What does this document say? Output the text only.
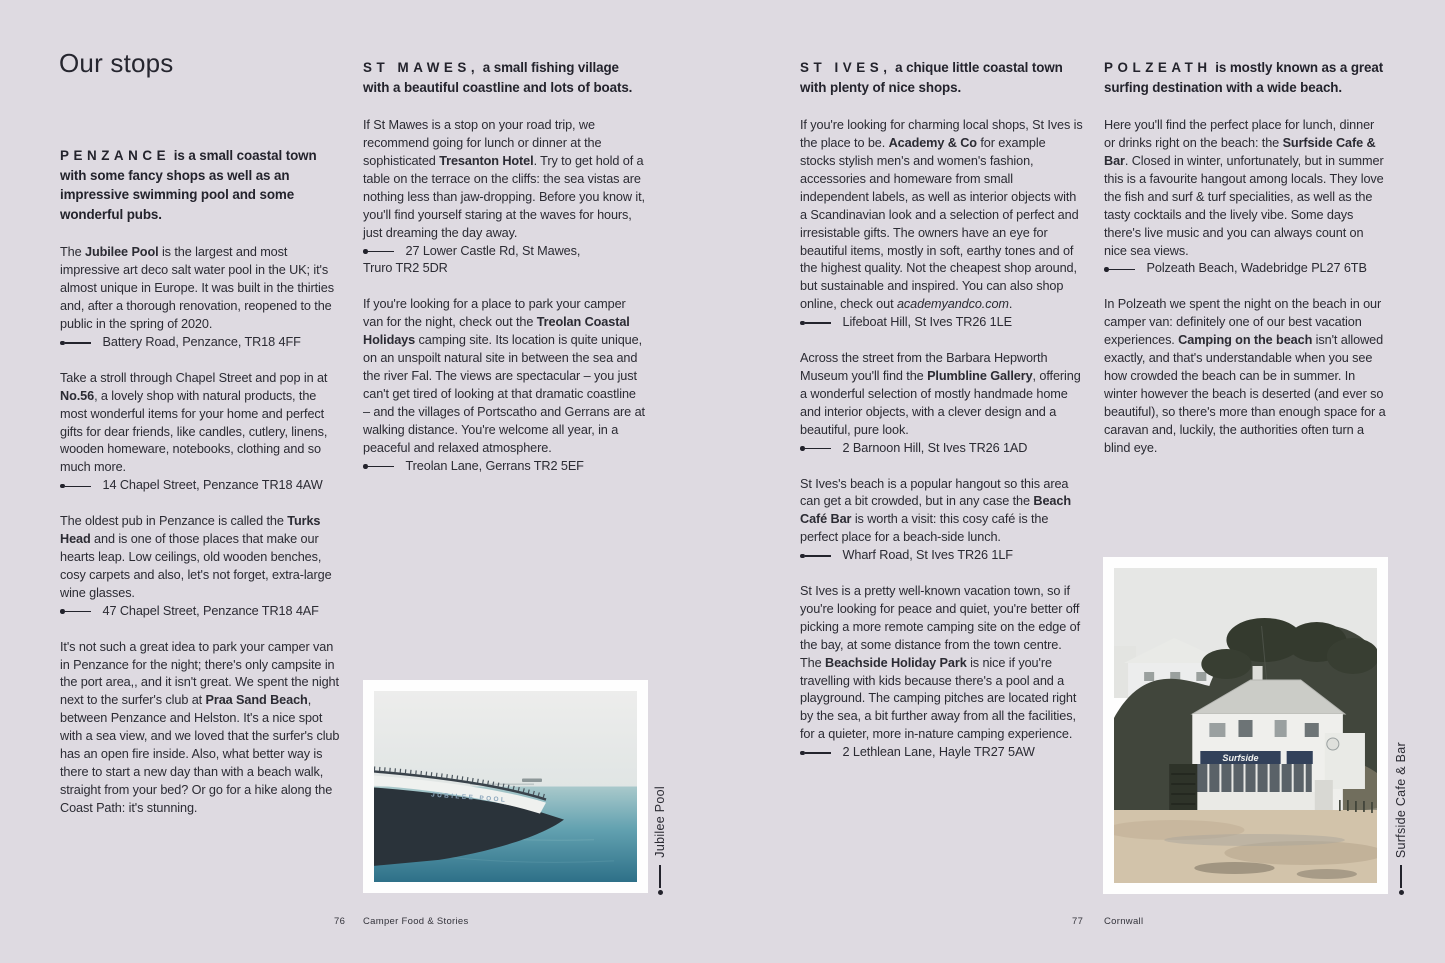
Our stops
PENZANCE is a small coastal town with some fancy shops as well as an impressive swimming pool and some wonderful pubs.

The Jubilee Pool is the largest and most impressive art deco salt water pool in the UK; it's almost unique in Europe. It was built in the thirties and, after a thorough renovation, reopened to the public in the spring of 2020.
Battery Road, Penzance, TR18 4FF

Take a stroll through Chapel Street and pop in at No.56, a lovely shop with natural products, the most wonderful items for your home and perfect gifts for dear friends, like candles, cutlery, linens, wooden homeware, notebooks, clothing and so much more.
14 Chapel Street, Penzance TR18 4AW

The oldest pub in Penzance is called the Turks Head and is one of those places that make our hearts leap. Low ceilings, old wooden benches, cosy carpets and also, let's not forget, extra-large wine glasses.
47 Chapel Street, Penzance TR18 4AF

It's not such a great idea to park your camper van in Penzance for the night; there's only campsite in the port area,, and it isn't great. We spent the night next to the surfer's club at Praa Sand Beach, between Penzance and Helston. It's a nice spot with a sea view, and we loved that the surfer's club has an open fire inside. Also, what better way is there to start a new day than with a beach walk, straight from your bed? Or go for a hike along the Coast Path: it's stunning.

ST MAWES, a small fishing village with a beautiful coastline and lots of boats.

If St Mawes is a stop on your road trip, we recommend going for lunch or dinner at the sophisticated Tresanton Hotel. Try to get hold of a table on the terrace on the cliffs: the sea vistas are nothing less than jaw-dropping. Before you know it, you'll find yourself staring at the waves for hours, just dreaming the day away.
27 Lower Castle Rd, St Mawes,
Truro TR2 5DR

If you're looking for a place to park your camper van for the night, check out the Treolan Coastal Holidays camping site. Its location is quite unique, on an unspoilt natural site in between the sea and the river Fal. The views are spectacular – you just can't get tired of looking at that dramatic coastline – and the villages of Portscatho and Gerrans are at walking distance. You're welcome all year, in a peaceful and relaxed atmosphere.
Treolan Lane, Gerrans TR2 5EF

ST IVES, a chique little coastal town with plenty of nice shops.

If you're looking for charming local shops, St Ives is the place to be. Academy & Co for example stocks stylish men's and women's fashion, accessories and homeware from small independent labels, as well as interior objects with a Scandinavian look and a selection of perfect and irresistable gifts. The owners have an eye for beautiful items, mostly in soft, earthy tones and of the highest quality. Not the cheapest shop around, but sustainable and inspired. You can also shop online, check out academyandco.com.
Lifeboat Hill, St Ives TR26 1LE

Across the street from the Barbara Hepworth Museum you'll find the Plumbline Gallery, offering a wonderful selection of mostly handmade home and interior objects, with a clever design and a beautiful, pure look.
2 Barnoon Hill, St Ives TR26 1AD

St Ives's beach is a popular hangout so this area can get a bit crowded, but in any case the Beach Café Bar is worth a visit: this cosy café is the perfect place for a beach-side lunch.
Wharf Road, St Ives TR26 1LF

St Ives is a pretty well-known vacation town, so if you're looking for peace and quiet, you're better off picking a more remote camping site on the edge of the bay, at some distance from the town centre. The Beachside Holiday Park is nice if you're travelling with kids because there's a pool and a playground. The camping pitches are located right by the sea, a bit further away from all the facilities, for a quieter, more in-nature camping experience.
2 Lethlean Lane, Hayle TR27 5AW

POLZEATH is mostly known as a great surfing destination with a wide beach.

Here you'll find the perfect place for lunch, dinner or drinks right on the beach: the Surfside Cafe & Bar. Closed in winter, unfortunately, but in summer this is a favourite hangout among locals. They love the fish and surf & turf specialities, as well as the tasty cocktails and the lively vibe. Some days there's live music and you can always count on nice sea views.
Polzeath Beach, Wadebridge PL27 6TB

In Polzeath we spent the night on the beach in our camper van: definitely one of our best vacation experiences. Camping on the beach isn't allowed exactly, and that's understandable when you see how crowded the beach can be in summer. In winter however the beach is deserted (and ever so beautiful), so there's more than enough space for a caravan and, luckily, the authorities often turn a blind eye.

JUBILEE POOL	Jubilee Pool
Surfside	Surfside Cafe & Bar
76 Camper Food & Stories	77 Cornwall
